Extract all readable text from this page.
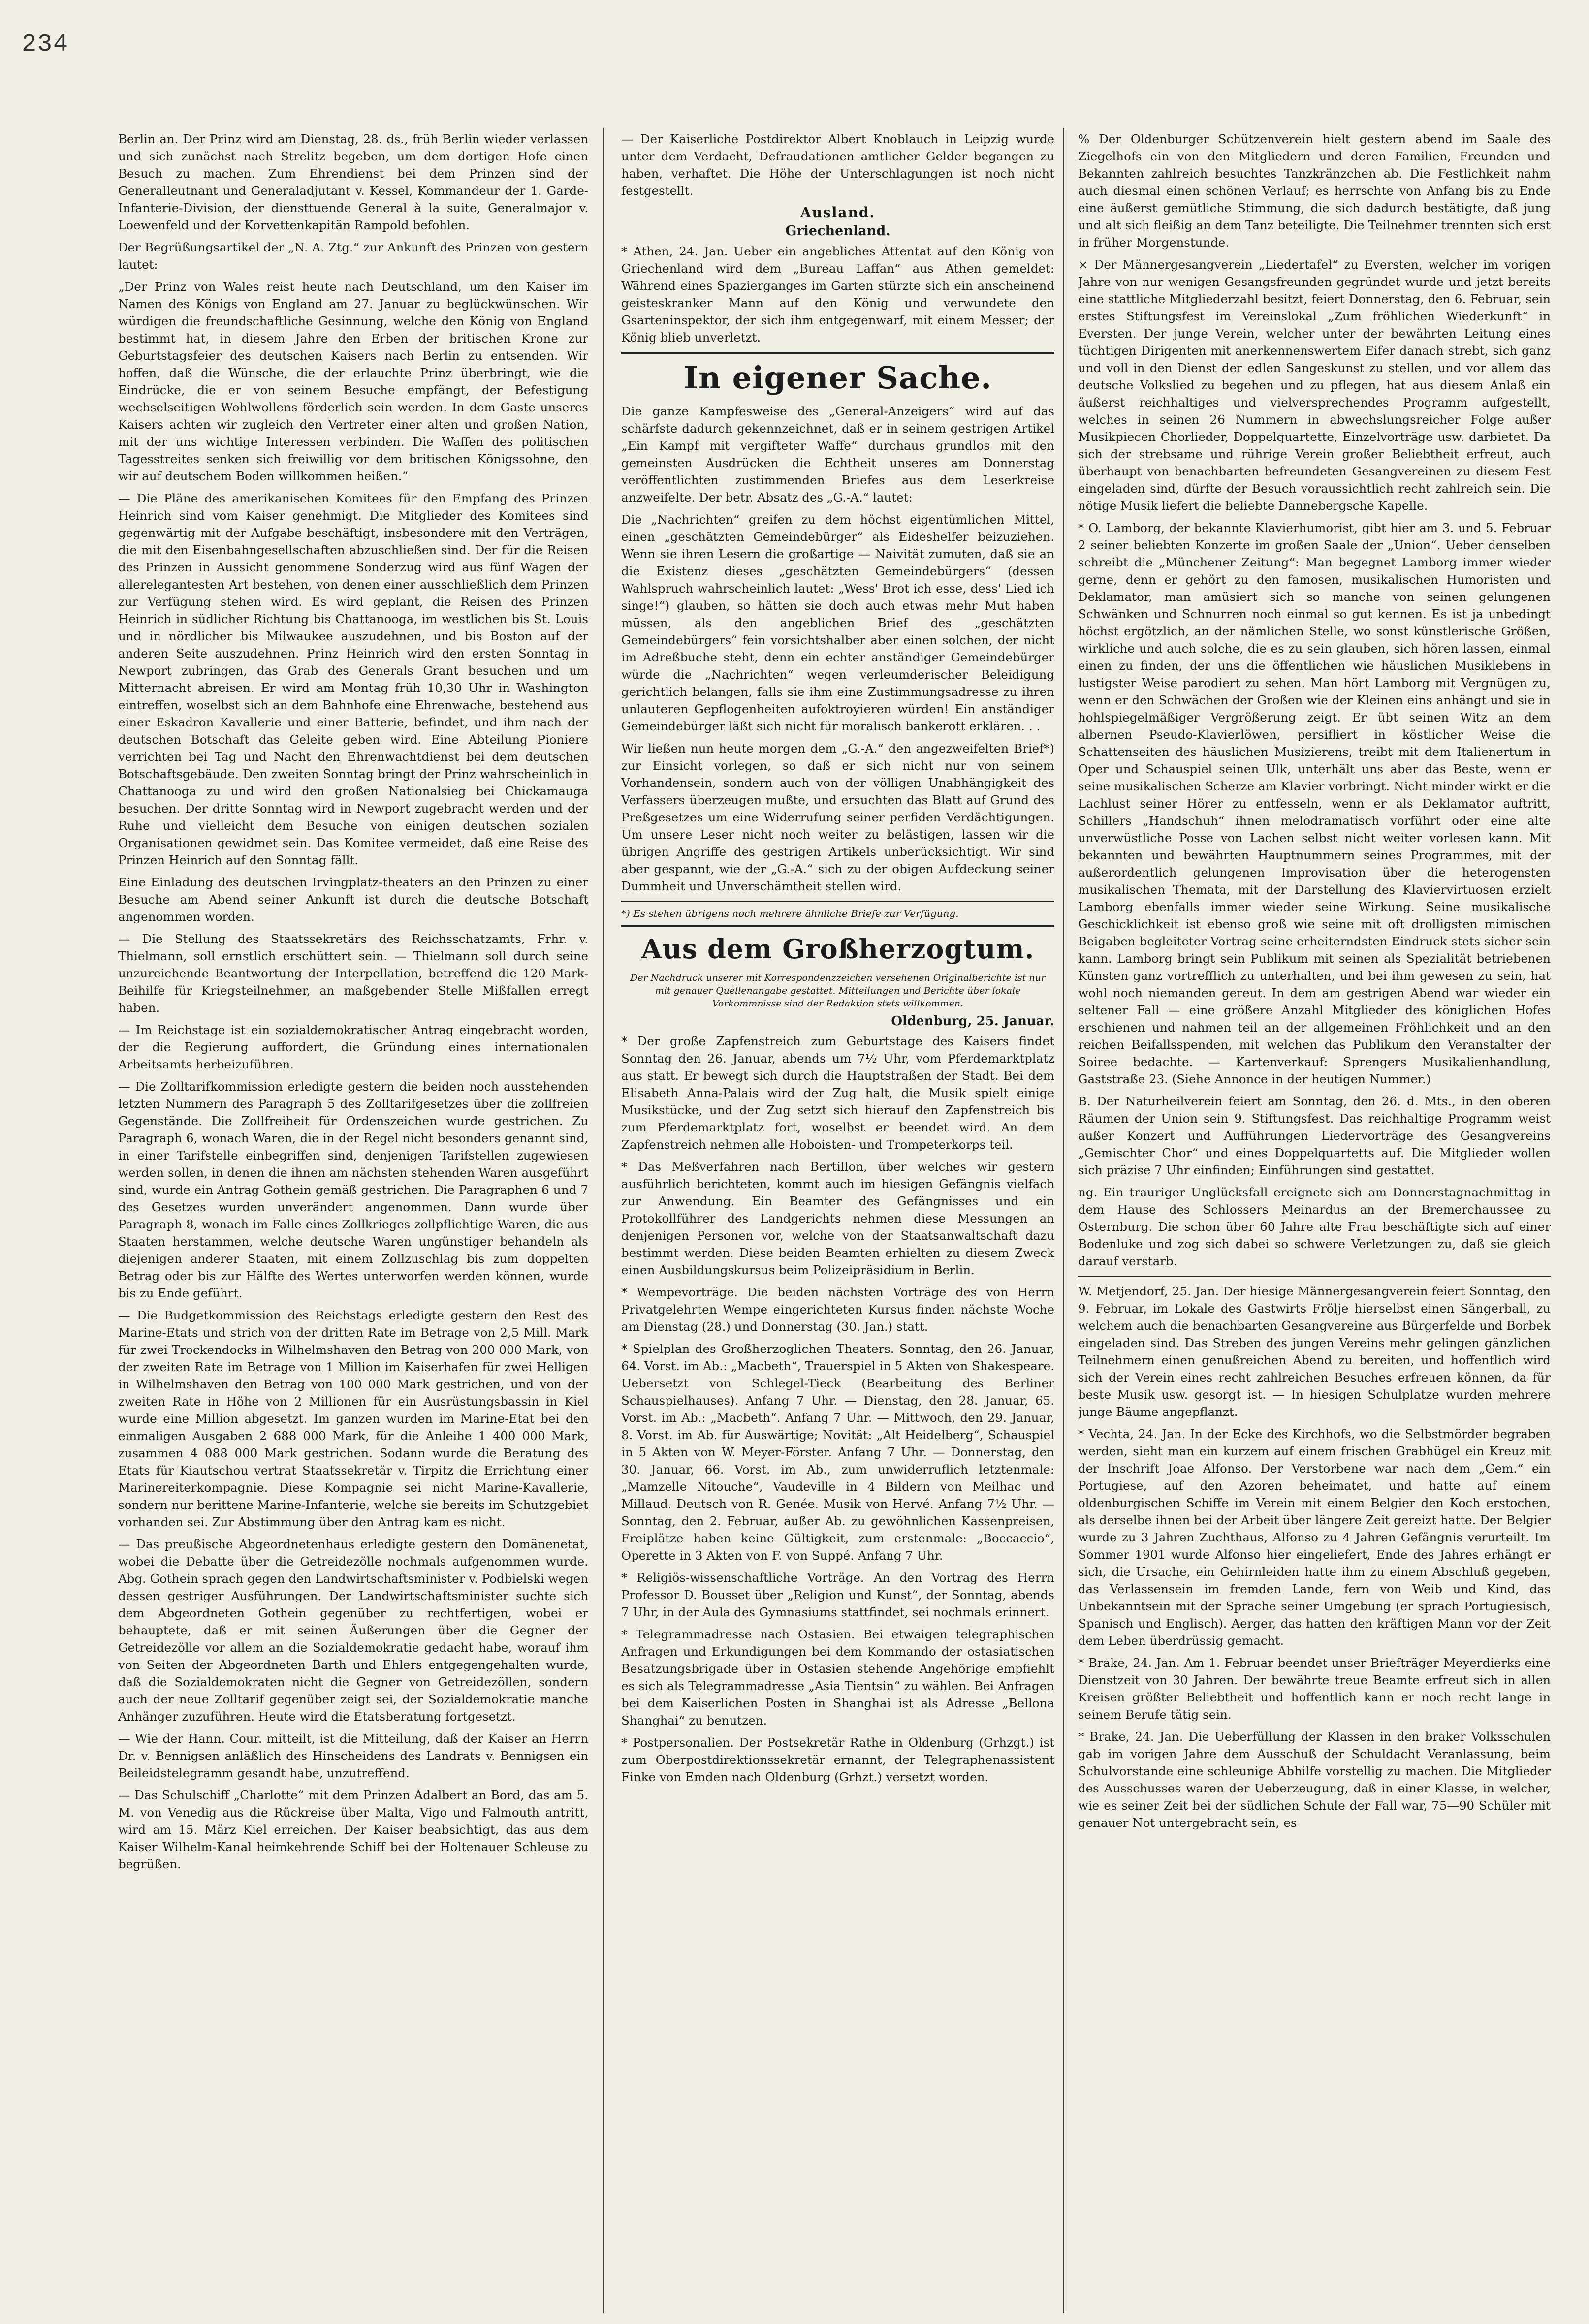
234

Berlin an. Der Prinz wird am Dienstag, 28. ds., früh Berlin wieder verlassen und sich zunächst nach Strelitz begeben, um dem dortigen Hofe einen Besuch zu machen. Zum Ehrendienst bei dem Prinzen sind der Generalleutnant und Generaladjutant v. Kessel, Kommandeur der 1. Garde-Infanterie-Division, der diensttuende General à la suite, Generalmajor v. Loewenfeld und der Korvettenkapitän Rampold befohlen.

Der Begrüßungsartikel der „N. A. Ztg.“ zur Ankunft des Prinzen von gestern lautet:

„Der Prinz von Wales reist heute nach Deutschland, um den Kaiser im Namen des Königs von England am 27. Januar zu beglückwünschen. Wir würdigen die freundschaftliche Gesinnung, welche den König von England bestimmt hat, in diesem Jahre den Erben der britischen Krone zur Geburtstagsfeier des deutschen Kaisers nach Berlin zu entsenden. Wir hoffen, daß die Wünsche, die der erlauchte Prinz überbringt, wie die Eindrücke, die er von seinem Besuche empfängt, der Befestigung wechselseitigen Wohlwollens förderlich sein werden. In dem Gaste unseres Kaisers achten wir zugleich den Vertreter einer alten und großen Nation, mit der uns wichtige Interessen verbinden. Die Waffen des politischen Tagesstreites senken sich freiwillig vor dem britischen Königssohne, den wir auf deutschem Boden willkommen heißen.“

— Die Pläne des amerikanischen Komitees für den Empfang des Prinzen Heinrich sind vom Kaiser genehmigt. Die Mitglieder des Komitees sind gegenwärtig mit der Aufgabe beschäftigt, insbesondere mit den Verträgen, die mit den Eisenbahngesellschaften abzuschließen sind. Der für die Reisen des Prinzen in Aussicht genommene Sonderzug wird aus fünf Wagen der allerelegantesten Art bestehen, von denen einer ausschließlich dem Prinzen zur Verfügung stehen wird. Es wird geplant, die Reisen des Prinzen Heinrich in südlicher Richtung bis Chattanooga, im westlichen bis St. Louis und in nördlicher bis Milwaukee auszudehnen, und bis Boston auf der anderen Seite auszudehnen. Prinz Heinrich wird den ersten Sonntag in Newport zubringen, das Grab des Generals Grant besuchen und um Mitternacht abreisen. Er wird am Montag früh 10,30 Uhr in Washington eintreffen, woselbst sich an dem Bahnhofe eine Ehrenwache, bestehend aus einer Eskadron Kavallerie und einer Batterie, befindet, und ihm nach der deutschen Botschaft das Geleite geben wird. Eine Abteilung Pioniere verrichten bei Tag und Nacht den Ehrenwachtdienst bei dem deutschen Botschaftsgebäude. Den zweiten Sonntag bringt der Prinz wahrscheinlich in Chattanooga zu und wird den großen Nationalsieg bei Chickamauga besuchen. Der dritte Sonntag wird in Newport zugebracht werden und der Ruhe und vielleicht dem Besuche von einigen deutschen sozialen Organisationen gewidmet sein. Das Komitee vermeidet, daß eine Reise des Prinzen Heinrich auf den Sonntag fällt.

Eine Einladung des deutschen Irvingplatz-theaters an den Prinzen zu einer Besuche am Abend seiner Ankunft ist durch die deutsche Botschaft angenommen worden.

— Die Stellung des Staatssekretärs des Reichsschatzamts, Frhr. v. Thielmann, soll ernstlich erschüttert sein. — Thielmann soll durch seine unzureichende Beantwortung der Interpellation, betreffend die 120 Mark-Beihilfe für Kriegsteilnehmer, an maßgebender Stelle Mißfallen erregt haben.

— Im Reichstage ist ein sozialdemokratischer Antrag eingebracht worden, der die Regierung auffordert, die Gründung eines internationalen Arbeitsamts herbeizuführen.

— Die Zolltarifkommission erledigte gestern die beiden noch ausstehenden letzten Nummern des Paragraph 5 des Zolltarifgesetzes über die zollfreien Gegenstände. Die Zollfreiheit für Ordenszeichen wurde gestrichen. Zu Paragraph 6, wonach Waren, die in der Regel nicht besonders genannt sind, in einer Tarifstelle einbegriffen sind, denjenigen Tarifstellen zugewiesen werden sollen, in denen die ihnen am nächsten stehenden Waren ausgeführt sind, wurde ein Antrag Gothein gemäß gestrichen. Die Paragraphen 6 und 7 des Gesetzes wurden unverändert angenommen. Dann wurde über Paragraph 8, wonach im Falle eines Zollkrieges zollpflichtige Waren, die aus Staaten herstammen, welche deutsche Waren ungünstiger behandeln als diejenigen anderer Staaten, mit einem Zollzuschlag bis zum doppelten Betrag oder bis zur Hälfte des Wertes unterworfen werden können, wurde bis zu Ende geführt.

— Die Budgetkommission des Reichstags erledigte gestern den Rest des Marine-Etats und strich von der dritten Rate im Betrage von 2,5 Mill. Mark für zwei Trockendocks in Wilhelmshaven den Betrag von 200 000 Mark, von der zweiten Rate im Betrage von 1 Million im Kaiserhafen für zwei Helligen in Wilhelmshaven den Betrag von 100 000 Mark gestrichen, und von der zweiten Rate in Höhe von 2 Millionen für ein Ausrüstungsbassin in Kiel wurde eine Million abgesetzt. Im ganzen wurden im Marine-Etat bei den einmaligen Ausgaben 2 688 000 Mark, für die Anleihe 1 400 000 Mark, zusammen 4 088 000 Mark gestrichen. Sodann wurde die Beratung des Etats für Kiautschou vertrat Staatssekretär v. Tirpitz die Errichtung einer Marinereiterkompagnie. Diese Kompagnie sei nicht Marine-Kavallerie, sondern nur berittene Marine-Infanterie, welche sie bereits im Schutzgebiet vorhanden sei. Zur Abstimmung über den Antrag kam es nicht.

— Das preußische Abgeordnetenhaus erledigte gestern den Domänenetat, wobei die Debatte über die Getreidezölle nochmals aufgenommen wurde. Abg. Gothein sprach gegen den Landwirtschaftsminister v. Podbielski wegen dessen gestriger Ausführungen. Der Landwirtschaftsminister suchte sich dem Abgeordneten Gothein gegenüber zu rechtfertigen, wobei er behauptete, daß er mit seinen Äußerungen über die Gegner der Getreidezölle vor allem an die Sozialdemokratie gedacht habe, worauf ihm von Seiten der Abgeordneten Barth und Ehlers entgegengehalten wurde, daß die Sozialdemokraten nicht die Gegner von Getreidezöllen, sondern auch der neue Zolltarif gegenüber zeigt sei, der Sozialdemokratie manche Anhänger zuzuführen. Heute wird die Etatsberatung fortgesetzt.

— Wie der Hann. Cour. mitteilt, ist die Mitteilung, daß der Kaiser an Herrn Dr. v. Bennigsen anläßlich des Hinscheidens des Landrats v. Bennigsen ein Beileidstelegramm gesandt habe, unzutreffend.

— Das Schulschiff „Charlotte“ mit dem Prinzen Adalbert an Bord, das am 5. M. von Venedig aus die Rückreise über Malta, Vigo und Falmouth antritt, wird am 15. März Kiel erreichen. Der Kaiser beabsichtigt, das aus dem Kaiser Wilhelm-Kanal heimkehrende Schiff bei der Holtenauer Schleuse zu begrüßen.

— Der Kaiserliche Postdirektor Albert Knoblauch in Leipzig wurde unter dem Verdacht, Defraudationen amtlicher Gelder begangen zu haben, verhaftet. Die Höhe der Unterschlagungen ist noch nicht festgestellt.

Ausland.
Griechenland.

* Athen, 24. Jan. Ueber ein angebliches Attentat auf den König von Griechenland wird dem „Bureau Laffan“ aus Athen gemeldet: Während eines Spazierganges im Garten stürzte sich ein anscheinend geisteskranker Mann auf den König und verwundete den Gsarteninspektor, der sich ihm entgegenwarf, mit einem Messer; der König blieb unverletzt.

In eigener Sache.

Die ganze Kampfesweise des „General-Anzeigers“ wird auf das schärfste dadurch gekennzeichnet, daß er in seinem gestrigen Artikel „Ein Kampf mit vergifteter Waffe“ durchaus grundlos mit den gemeinsten Ausdrücken die Echtheit unseres am Donnerstag veröffentlichten zustimmenden Briefes aus dem Leserkreise anzweifelte. Der betr. Absatz des „G.-A.“ lautet:

Die „Nachrichten“ greifen zu dem höchst eigentümlichen Mittel, einen „geschätzten Gemeindebürger“ als Eideshelfer beizuziehen. Wenn sie ihren Lesern die großartige — Naivität zumuten, daß sie an die Existenz dieses „geschätzten Gemeindebürgers“ (dessen Wahlspruch wahrscheinlich lautet: „Wess' Brot ich esse, dess' Lied ich singe!“) glauben, so hätten sie doch auch etwas mehr Mut haben müssen, als den angeblichen Brief des „geschätzten Gemeindebürgers“ fein vorsichtshalber aber einen solchen, der nicht im Adreßbuche steht, denn ein echter anständiger Gemeindebürger würde die „Nachrichten“ wegen verleumderischer Beleidigung gerichtlich belangen, falls sie ihm eine Zustimmungsadresse zu ihren unlauteren Gepflogenheiten aufoktroyieren würden! Ein anständiger Gemeindebürger läßt sich nicht für moralisch bankerott erklären. . .

Wir ließen nun heute morgen dem „G.-A.“ den angezweifelten Brief*) zur Einsicht vorlegen, so daß er sich nicht nur von seinem Vorhandensein, sondern auch von der völligen Unabhängigkeit des Verfassers überzeugen mußte, und ersuchten das Blatt auf Grund des Preßgesetzes um eine Widerrufung seiner perfiden Verdächtigungen. Um unsere Leser nicht noch weiter zu belästigen, lassen wir die übrigen Angriffe des gestrigen Artikels unberücksichtigt. Wir sind aber gespannt, wie der „G.-A.“ sich zu der obigen Aufdeckung seiner Dummheit und Unverschämtheit stellen wird.

*) Es stehen übrigens noch mehrere ähnliche Briefe zur Verfügung.
Aus dem Großherzogtum.
Der Nachdruck unserer mit Korrespondenzzeichen versehenen Originalberichte ist nur mit genauer Quellenangabe gestattet. Mitteilungen und Berichte über lokale Vorkommnisse sind der Redaktion stets willkommen.
Oldenburg, 25. Januar.

* Der große Zapfenstreich zum Geburtstage des Kaisers findet Sonntag den 26. Januar, abends um 7½ Uhr, vom Pferdemarktplatz aus statt. Er bewegt sich durch die Hauptstraßen der Stadt. Bei dem Elisabeth Anna-Palais wird der Zug halt, die Musik spielt einige Musikstücke, und der Zug setzt sich hierauf den Zapfenstreich bis zum Pferdemarktplatz fort, woselbst er beendet wird. An dem Zapfenstreich nehmen alle Hoboisten- und Trompeterkorps teil.

* Das Meßverfahren nach Bertillon, über welches wir gestern ausführlich berichteten, kommt auch im hiesigen Gefängnis vielfach zur Anwendung. Ein Beamter des Gefängnisses und ein Protokollführer des Landgerichts nehmen diese Messungen an denjenigen Personen vor, welche von der Staatsanwaltschaft dazu bestimmt werden. Diese beiden Beamten erhielten zu diesem Zweck einen Ausbildungskursus beim Polizeipräsidium in Berlin.

* Wempevorträge. Die beiden nächsten Vorträge des von Herrn Privatgelehrten Wempe eingerichteten Kursus finden nächste Woche am Dienstag (28.) und Donnerstag (30. Jan.) statt.

* Spielplan des Großherzoglichen Theaters. Sonntag, den 26. Januar, 64. Vorst. im Ab.: „Macbeth“, Trauerspiel in 5 Akten von Shakespeare. Uebersetzt von Schlegel-Tieck (Bearbeitung des Berliner Schauspielhauses). Anfang 7 Uhr. — Dienstag, den 28. Januar, 65. Vorst. im Ab.: „Macbeth“. Anfang 7 Uhr. — Mittwoch, den 29. Januar, 8. Vorst. im Ab. für Auswärtige; Novität: „Alt Heidelberg“, Schauspiel in 5 Akten von W. Meyer-Förster. Anfang 7 Uhr. — Donnerstag, den 30. Januar, 66. Vorst. im Ab., zum unwiderruflich letztenmale: „Mamzelle Nitouche“, Vaudeville in 4 Bildern von Meilhac und Millaud. Deutsch von R. Genée. Musik von Hervé. Anfang 7½ Uhr. — Sonntag, den 2. Februar, außer Ab. zu gewöhnlichen Kassenpreisen, Freiplätze haben keine Gültigkeit, zum erstenmale: „Boccaccio“, Operette in 3 Akten von F. von Suppé. Anfang 7 Uhr.

* Religiös-wissenschaftliche Vorträge. An den Vortrag des Herrn Professor D. Bousset über „Religion und Kunst“, der Sonntag, abends 7 Uhr, in der Aula des Gymnasiums stattfindet, sei nochmals erinnert.

* Telegrammadresse nach Ostasien. Bei etwaigen telegraphischen Anfragen und Erkundigungen bei dem Kommando der ostasiatischen Besatzungsbrigade über in Ostasien stehende Angehörige empfiehlt es sich als Telegrammadresse „Asia Tientsin“ zu wählen. Bei Anfragen bei dem Kaiserlichen Posten in Shanghai ist als Adresse „Bellona Shanghai“ zu benutzen.

* Postpersonalien. Der Postsekretär Rathe in Oldenburg (Grhzgt.) ist zum Oberpostdirektionssekretär ernannt, der Telegraphenassistent Finke von Emden nach Oldenburg (Grhzt.) versetzt worden.

% Der Oldenburger Schützenverein hielt gestern abend im Saale des Ziegelhofs ein von den Mitgliedern und deren Familien, Freunden und Bekannten zahlreich besuchtes Tanzkränzchen ab. Die Festlichkeit nahm auch diesmal einen schönen Verlauf; es herrschte von Anfang bis zu Ende eine äußerst gemütliche Stimmung, die sich dadurch bestätigte, daß jung und alt sich fleißig an dem Tanz beteiligte. Die Teilnehmer trennten sich erst in früher Morgenstunde.

× Der Männergesangverein „Liedertafel“ zu Eversten, welcher im vorigen Jahre von nur wenigen Gesangsfreunden gegründet wurde und jetzt bereits eine stattliche Mitgliederzahl besitzt, feiert Donnerstag, den 6. Februar, sein erstes Stiftungsfest im Vereinslokal „Zum fröhlichen Wiederkunft“ in Eversten. Der junge Verein, welcher unter der bewährten Leitung eines tüchtigen Dirigenten mit anerkennenswertem Eifer danach strebt, sich ganz und voll in den Dienst der edlen Sangeskunst zu stellen, und vor allem das deutsche Volkslied zu begehen und zu pflegen, hat aus diesem Anlaß ein äußerst reichhaltiges und vielversprechendes Programm aufgestellt, welches in seinen 26 Nummern in abwechslungsreicher Folge außer Musikpiecen Chorlieder, Doppelquartette, Einzelvorträge usw. darbietet. Da sich der strebsame und rührige Verein großer Beliebtheit erfreut, auch überhaupt von benachbarten befreundeten Gesangvereinen zu diesem Fest eingeladen sind, dürfte der Besuch voraussichtlich recht zahlreich sein. Die nötige Musik liefert die beliebte Dannebergsche Kapelle.

* O. Lamborg, der bekannte Klavierhumorist, gibt hier am 3. und 5. Februar 2 seiner beliebten Konzerte im großen Saale der „Union“. Ueber denselben schreibt die „Münchener Zeitung“: Man begegnet Lamborg immer wieder gerne, denn er gehört zu den famosen, musikalischen Humoristen und Deklamator, man amüsiert sich so manche von seinen gelungenen Schwänken und Schnurren noch einmal so gut kennen. Es ist ja unbedingt höchst ergötzlich, an der nämlichen Stelle, wo sonst künstlerische Größen, wirkliche und auch solche, die es zu sein glauben, sich hören lassen, einmal einen zu finden, der uns die öffentlichen wie häuslichen Musiklebens in lustigster Weise parodiert zu sehen. Man hört Lamborg mit Vergnügen zu, wenn er den Schwächen der Großen wie der Kleinen eins anhängt und sie in hohlspiegelmäßiger Vergrößerung zeigt. Er übt seinen Witz an dem albernen Pseudo-Klavierlöwen, persifliert in köstlicher Weise die Schattenseiten des häuslichen Musizierens, treibt mit dem Italienertum in Oper und Schauspiel seinen Ulk, unterhält uns aber das Beste, wenn er seine musikalischen Scherze am Klavier vorbringt. Nicht minder wirkt er die Lachlust seiner Hörer zu entfesseln, wenn er als Deklamator auftritt, Schillers „Handschuh“ ihnen melodramatisch vorführt oder eine alte unverwüstliche Posse von Lachen selbst nicht weiter vorlesen kann. Mit bekannten und bewährten Hauptnummern seines Programmes, mit der außerordentlich gelungenen Improvisation über die heterogensten musikalischen Themata, mit der Darstellung des Klaviervirtuosen erzielt Lamborg ebenfalls immer wieder seine Wirkung. Seine musikalische Geschicklichkeit ist ebenso groß wie seine mit oft drolligsten mimischen Beigaben begleiteter Vortrag seine erheiterndsten Eindruck stets sicher sein kann. Lamborg bringt sein Publikum mit seinen als Spezialität betriebenen Künsten ganz vortrefflich zu unterhalten, und bei ihm gewesen zu sein, hat wohl noch niemanden gereut. In dem am gestrigen Abend war wieder ein seltener Fall — eine größere Anzahl Mitglieder des königlichen Hofes erschienen und nahmen teil an der allgemeinen Fröhlichkeit und an den reichen Beifallsspenden, mit welchen das Publikum den Veranstalter der Soiree bedachte. — Kartenverkauf: Sprengers Musikalienhandlung, Gaststraße 23. (Siehe Annonce in der heutigen Nummer.)

B. Der Naturheilverein feiert am Sonntag, den 26. d. Mts., in den oberen Räumen der Union sein 9. Stiftungsfest. Das reichhaltige Programm weist außer Konzert und Aufführungen Liedervorträge des Gesangvereins „Gemischter Chor“ und eines Doppelquartetts auf. Die Mitglieder wollen sich präzise 7 Uhr einfinden; Einführungen sind gestattet.

ng. Ein trauriger Unglücksfall ereignete sich am Donnerstagnachmittag in dem Hause des Schlossers Meinardus an der Bremerchaussee zu Osternburg. Die schon über 60 Jahre alte Frau beschäftigte sich auf einer Bodenluke und zog sich dabei so schwere Verletzungen zu, daß sie gleich darauf verstarb.

W. Metjendorf, 25. Jan. Der hiesige Männergesangverein feiert Sonntag, den 9. Februar, im Lokale des Gastwirts Frölje hierselbst einen Sängerball, zu welchem auch die benachbarten Gesangvereine aus Bürgerfelde und Borbek eingeladen sind. Das Streben des jungen Vereins mehr gelingen gänzlichen Teilnehmern einen genußreichen Abend zu bereiten, und hoffentlich wird sich der Verein eines recht zahlreichen Besuches erfreuen können, da für beste Musik usw. gesorgt ist. — In hiesigen Schulplatze wurden mehrere junge Bäume angepflanzt.

* Vechta, 24. Jan. In der Ecke des Kirchhofs, wo die Selbstmörder begraben werden, sieht man ein kurzem auf einem frischen Grabhügel ein Kreuz mit der Inschrift Joae Alfonso. Der Verstorbene war nach dem „Gem.“ ein Portugiese, auf den Azoren beheimatet, und hatte auf einem oldenburgischen Schiffe im Verein mit einem Belgier den Koch erstochen, als derselbe ihnen bei der Arbeit über längere Zeit gereizt hatte. Der Belgier wurde zu 3 Jahren Zuchthaus, Alfonso zu 4 Jahren Gefängnis verurteilt. Im Sommer 1901 wurde Alfonso hier eingeliefert, Ende des Jahres erhängt er sich, die Ursache, ein Gehirnleiden hatte ihm zu einem Abschluß gegeben, das Verlassensein im fremden Lande, fern von Weib und Kind, das Unbekanntsein mit der Sprache seiner Umgebung (er sprach Portugiesisch, Spanisch und Englisch). Aerger, das hatten den kräftigen Mann vor der Zeit dem Leben überdrüssig gemacht.

* Brake, 24. Jan. Am 1. Februar beendet unser Briefträger Meyerdierks eine Dienstzeit von 30 Jahren. Der bewährte treue Beamte erfreut sich in allen Kreisen größter Beliebtheit und hoffentlich kann er noch recht lange in seinem Berufe tätig sein.

* Brake, 24. Jan. Die Ueberfüllung der Klassen in den braker Volksschulen gab im vorigen Jahre dem Ausschuß der Schuldacht Veranlassung, beim Schulvorstande eine schleunige Abhilfe vorstellig zu machen. Die Mitglieder des Ausschusses waren der Ueberzeugung, daß in einer Klasse, in welcher, wie es seiner Zeit bei der südlichen Schule der Fall war, 75—90 Schüler mit genauer Not untergebracht sein, es
